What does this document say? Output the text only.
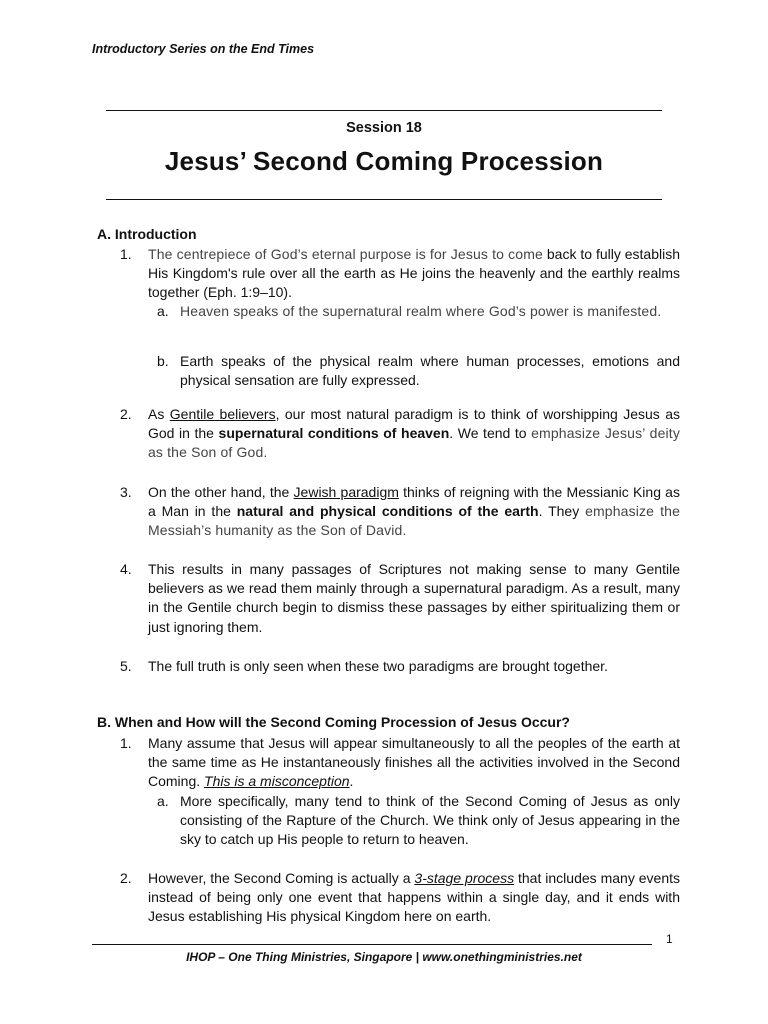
Introductory Series on the End Times
Session 18
Jesus’ Second Coming Procession
A. Introduction
1. The centrepiece of God’s eternal purpose is for Jesus to come back to fully establish His Kingdom's rule over all the earth as He joins the heavenly and the earthly realms together (Eph. 1:9–10).
a. Heaven speaks of the supernatural realm where God’s power is manifested.
b. Earth speaks of the physical realm where human processes, emotions and physical sensation are fully expressed.
2. As Gentile believers, our most natural paradigm is to think of worshipping Jesus as God in the supernatural conditions of heaven. We tend to emphasize Jesus’ deity as the Son of God.
3. On the other hand, the Jewish paradigm thinks of reigning with the Messianic King as a Man in the natural and physical conditions of the earth. They emphasize the Messiah’s humanity as the Son of David.
4. This results in many passages of Scriptures not making sense to many Gentile believers as we read them mainly through a supernatural paradigm. As a result, many in the Gentile church begin to dismiss these passages by either spiritualizing them or just ignoring them.
5. The full truth is only seen when these two paradigms are brought together.
B. When and How will the Second Coming Procession of Jesus Occur?
1. Many assume that Jesus will appear simultaneously to all the peoples of the earth at the same time as He instantaneously finishes all the activities involved in the Second Coming. This is a misconception.
a. More specifically, many tend to think of the Second Coming of Jesus as only consisting of the Rapture of the Church. We think only of Jesus appearing in the sky to catch up His people to return to heaven.
2. However, the Second Coming is actually a 3-stage process that includes many events instead of being only one event that happens within a single day, and it ends with Jesus establishing His physical Kingdom here on earth.
1
IHOP – One Thing Ministries, Singapore | www.onethingministries.net
